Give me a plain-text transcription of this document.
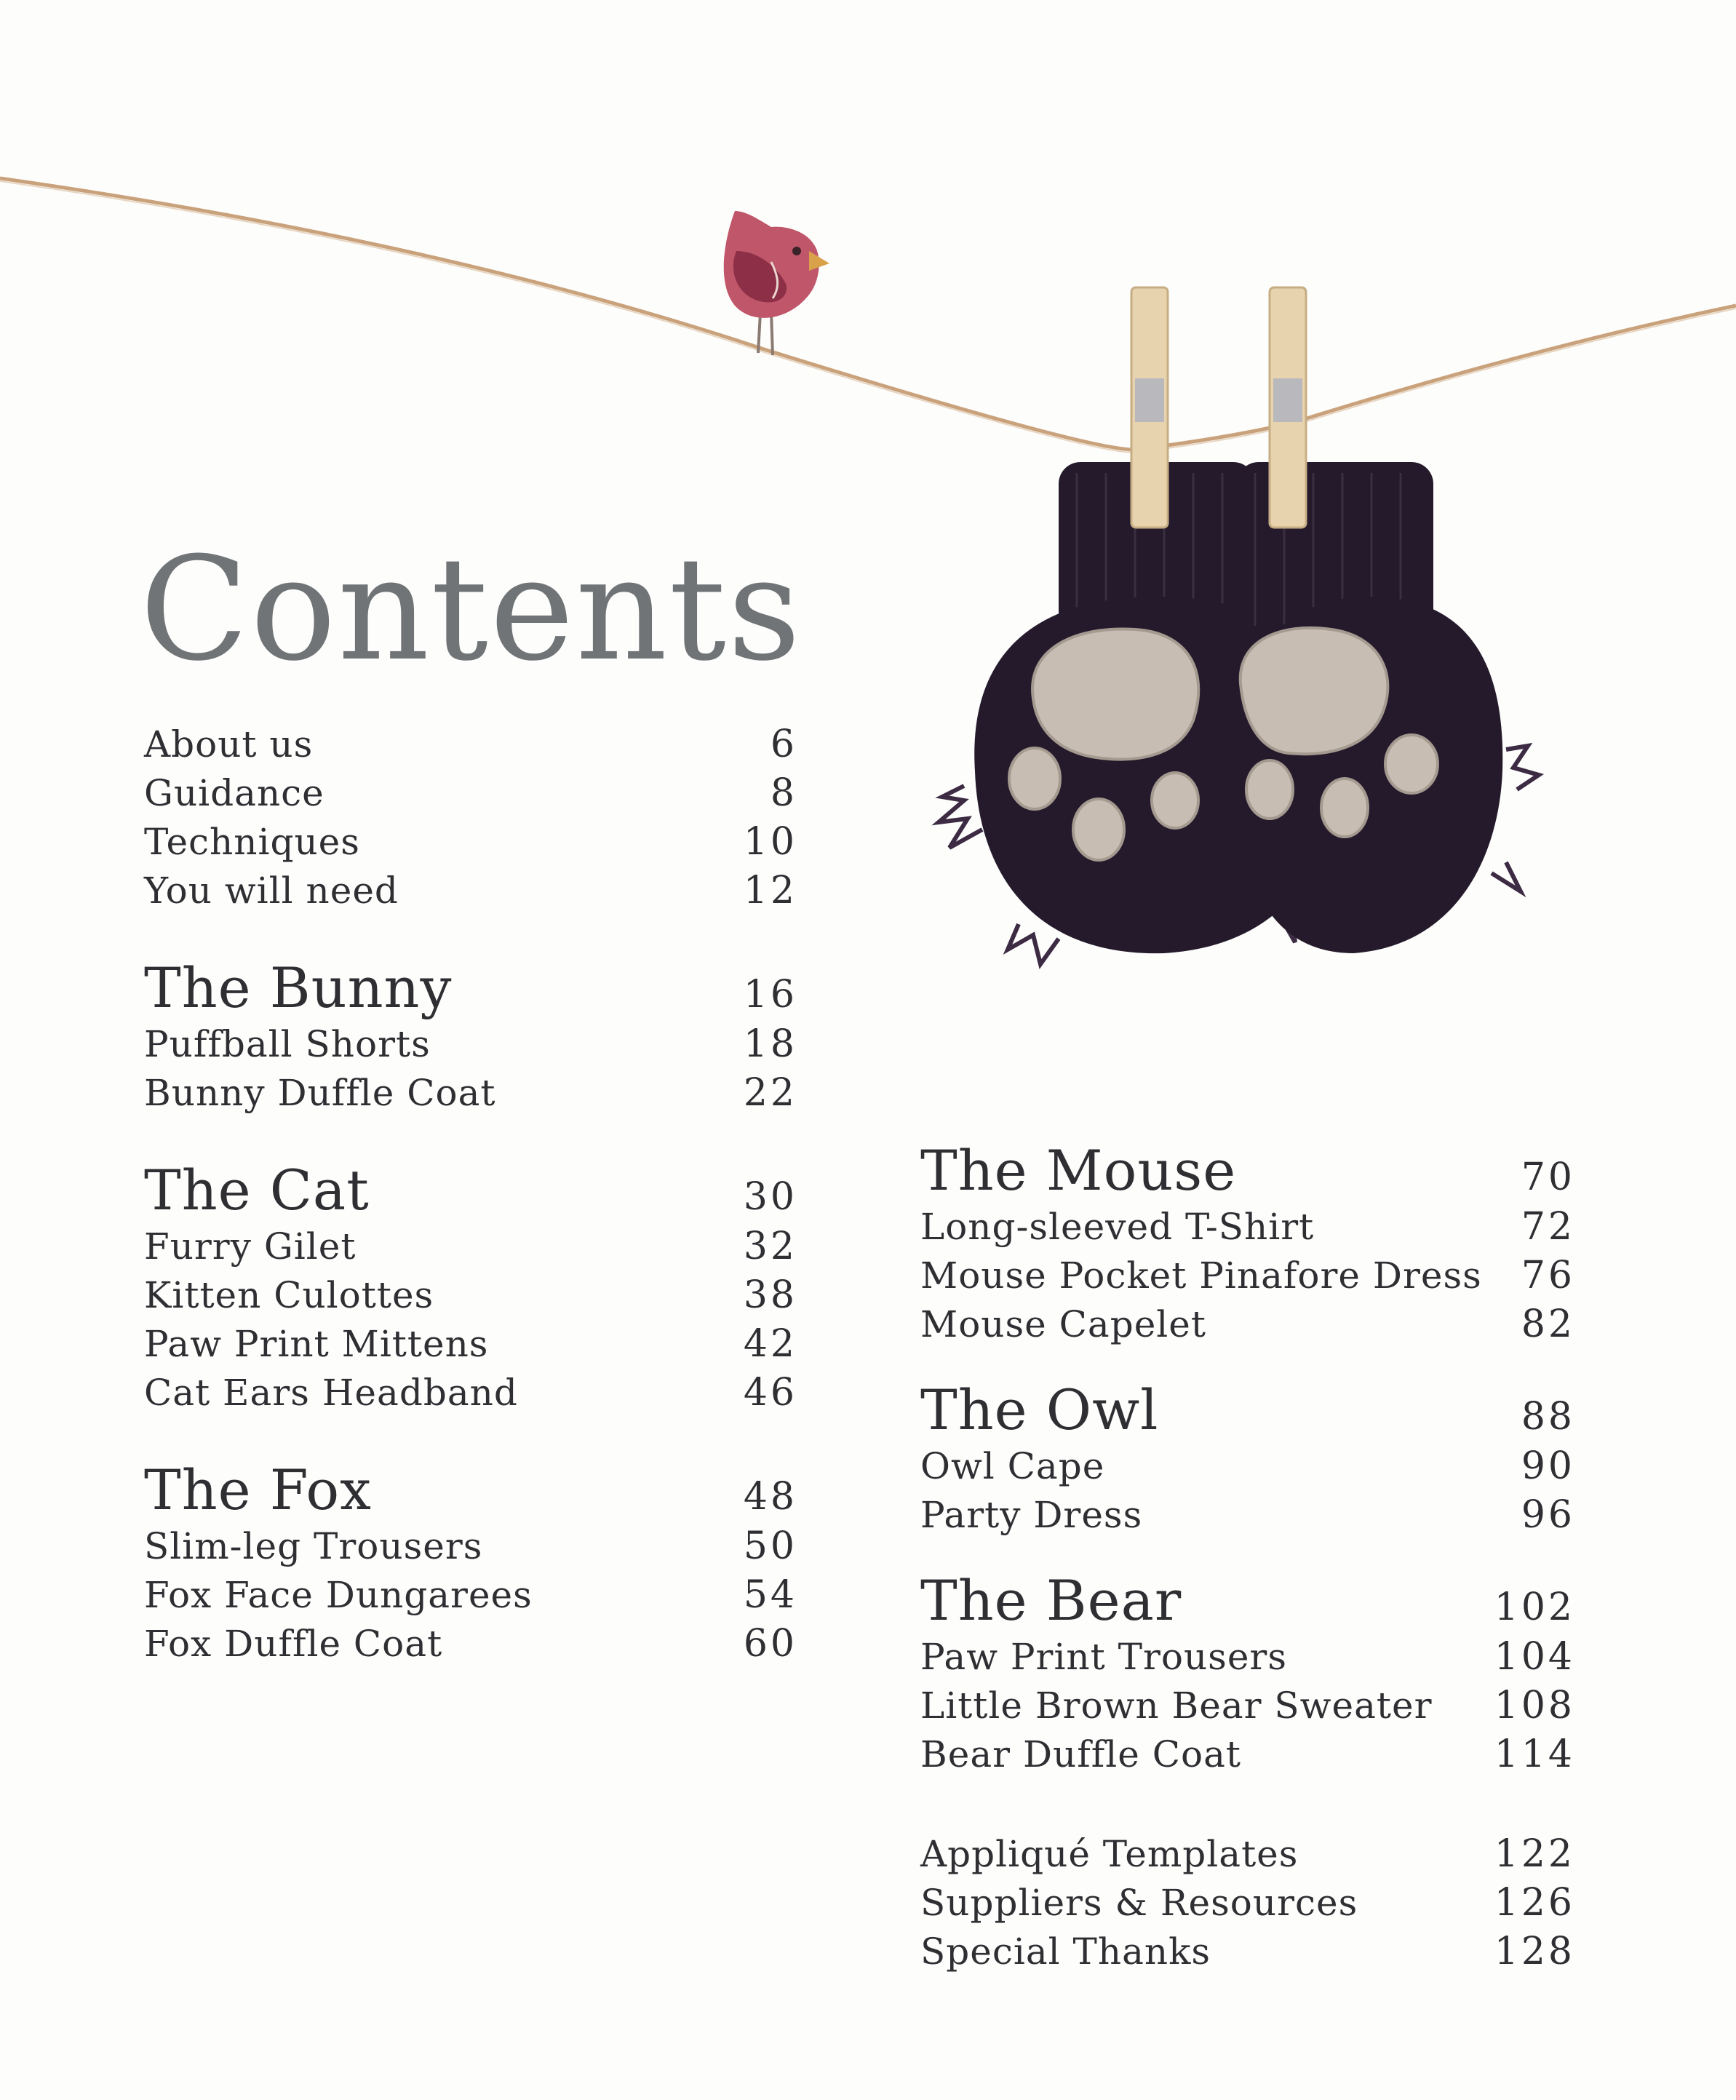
Contents
About us	6
Guidance	8
Techniques	10
You will need	12
The Bunny	16
Puffball Shorts	18
Bunny Duffle Coat	22
The Cat	30
Furry Gilet	32
Kitten Culottes	38
Paw Print Mittens	42
Cat Ears Headband	46
The Fox	48
Slim-leg Trousers	50
Fox Face Dungarees	54
Fox Duffle Coat	60
The Mouse	70
Long-sleeved T-Shirt	72
Mouse Pocket Pinafore Dress 76
Mouse Capelet	82
The Owl	88
Owl Cape	90
Party Dress	96
The Bear	102
Paw Print Trousers	104
Little Brown Bear Sweater 108
Bear Duffle Coat	114
Appliqué Templates	122
Suppliers & Resources	126
Special Thanks	128
